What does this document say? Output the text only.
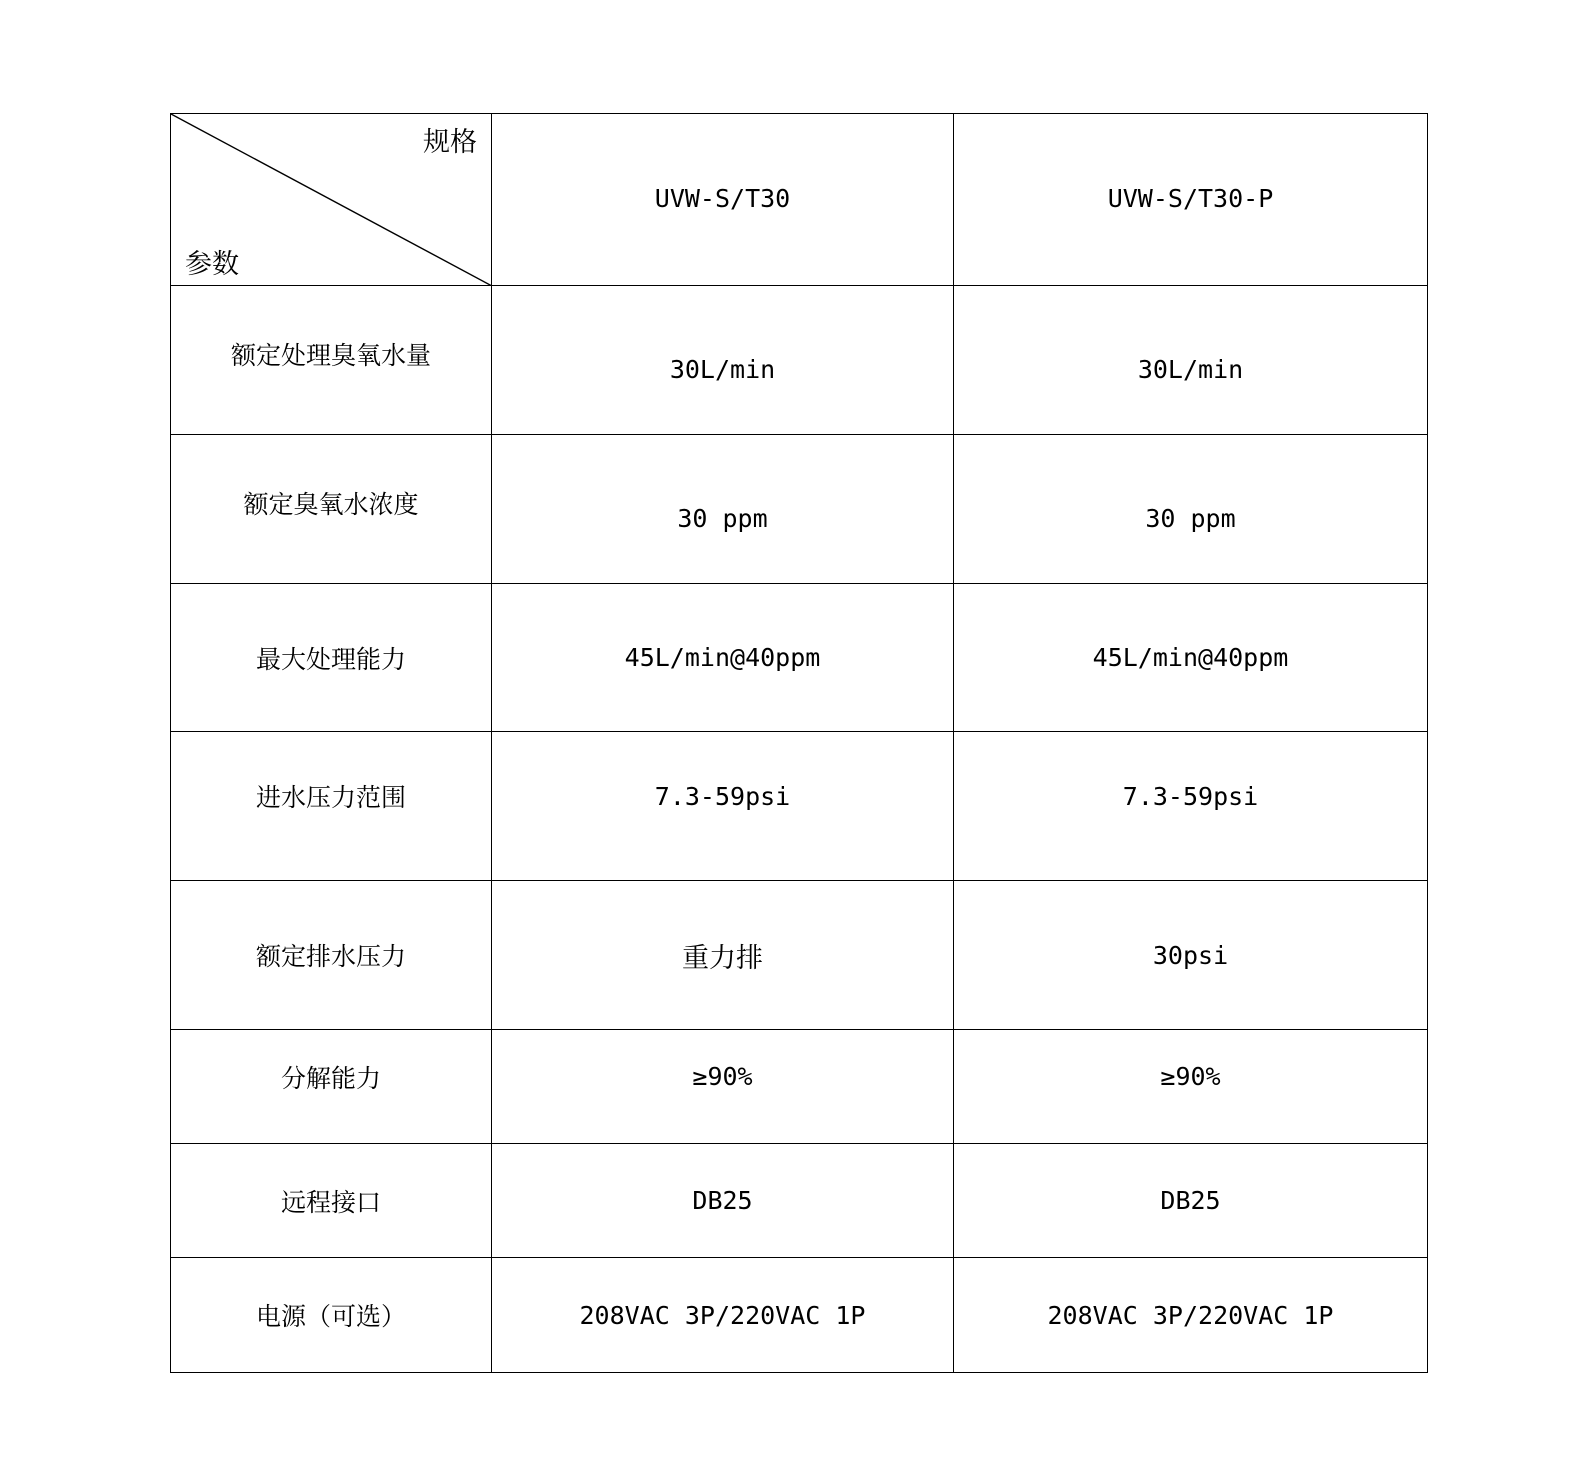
规格
参数	UVW-S/T30	UVW-S/T30-P
额定处理臭氧水量	30L/min	30L/min
额定臭氧水浓度	30 ppm	30 ppm
最大处理能力	45L/min@40ppm	45L/min@40ppm
进水压力范围	7.3-59psi	7.3-59psi
额定排水压力	重力排	30psi
分解能力	≥90%	≥90%
远程接口	DB25	DB25
电源（可选）	208VAC 3P/220VAC 1P	208VAC 3P/220VAC 1P
